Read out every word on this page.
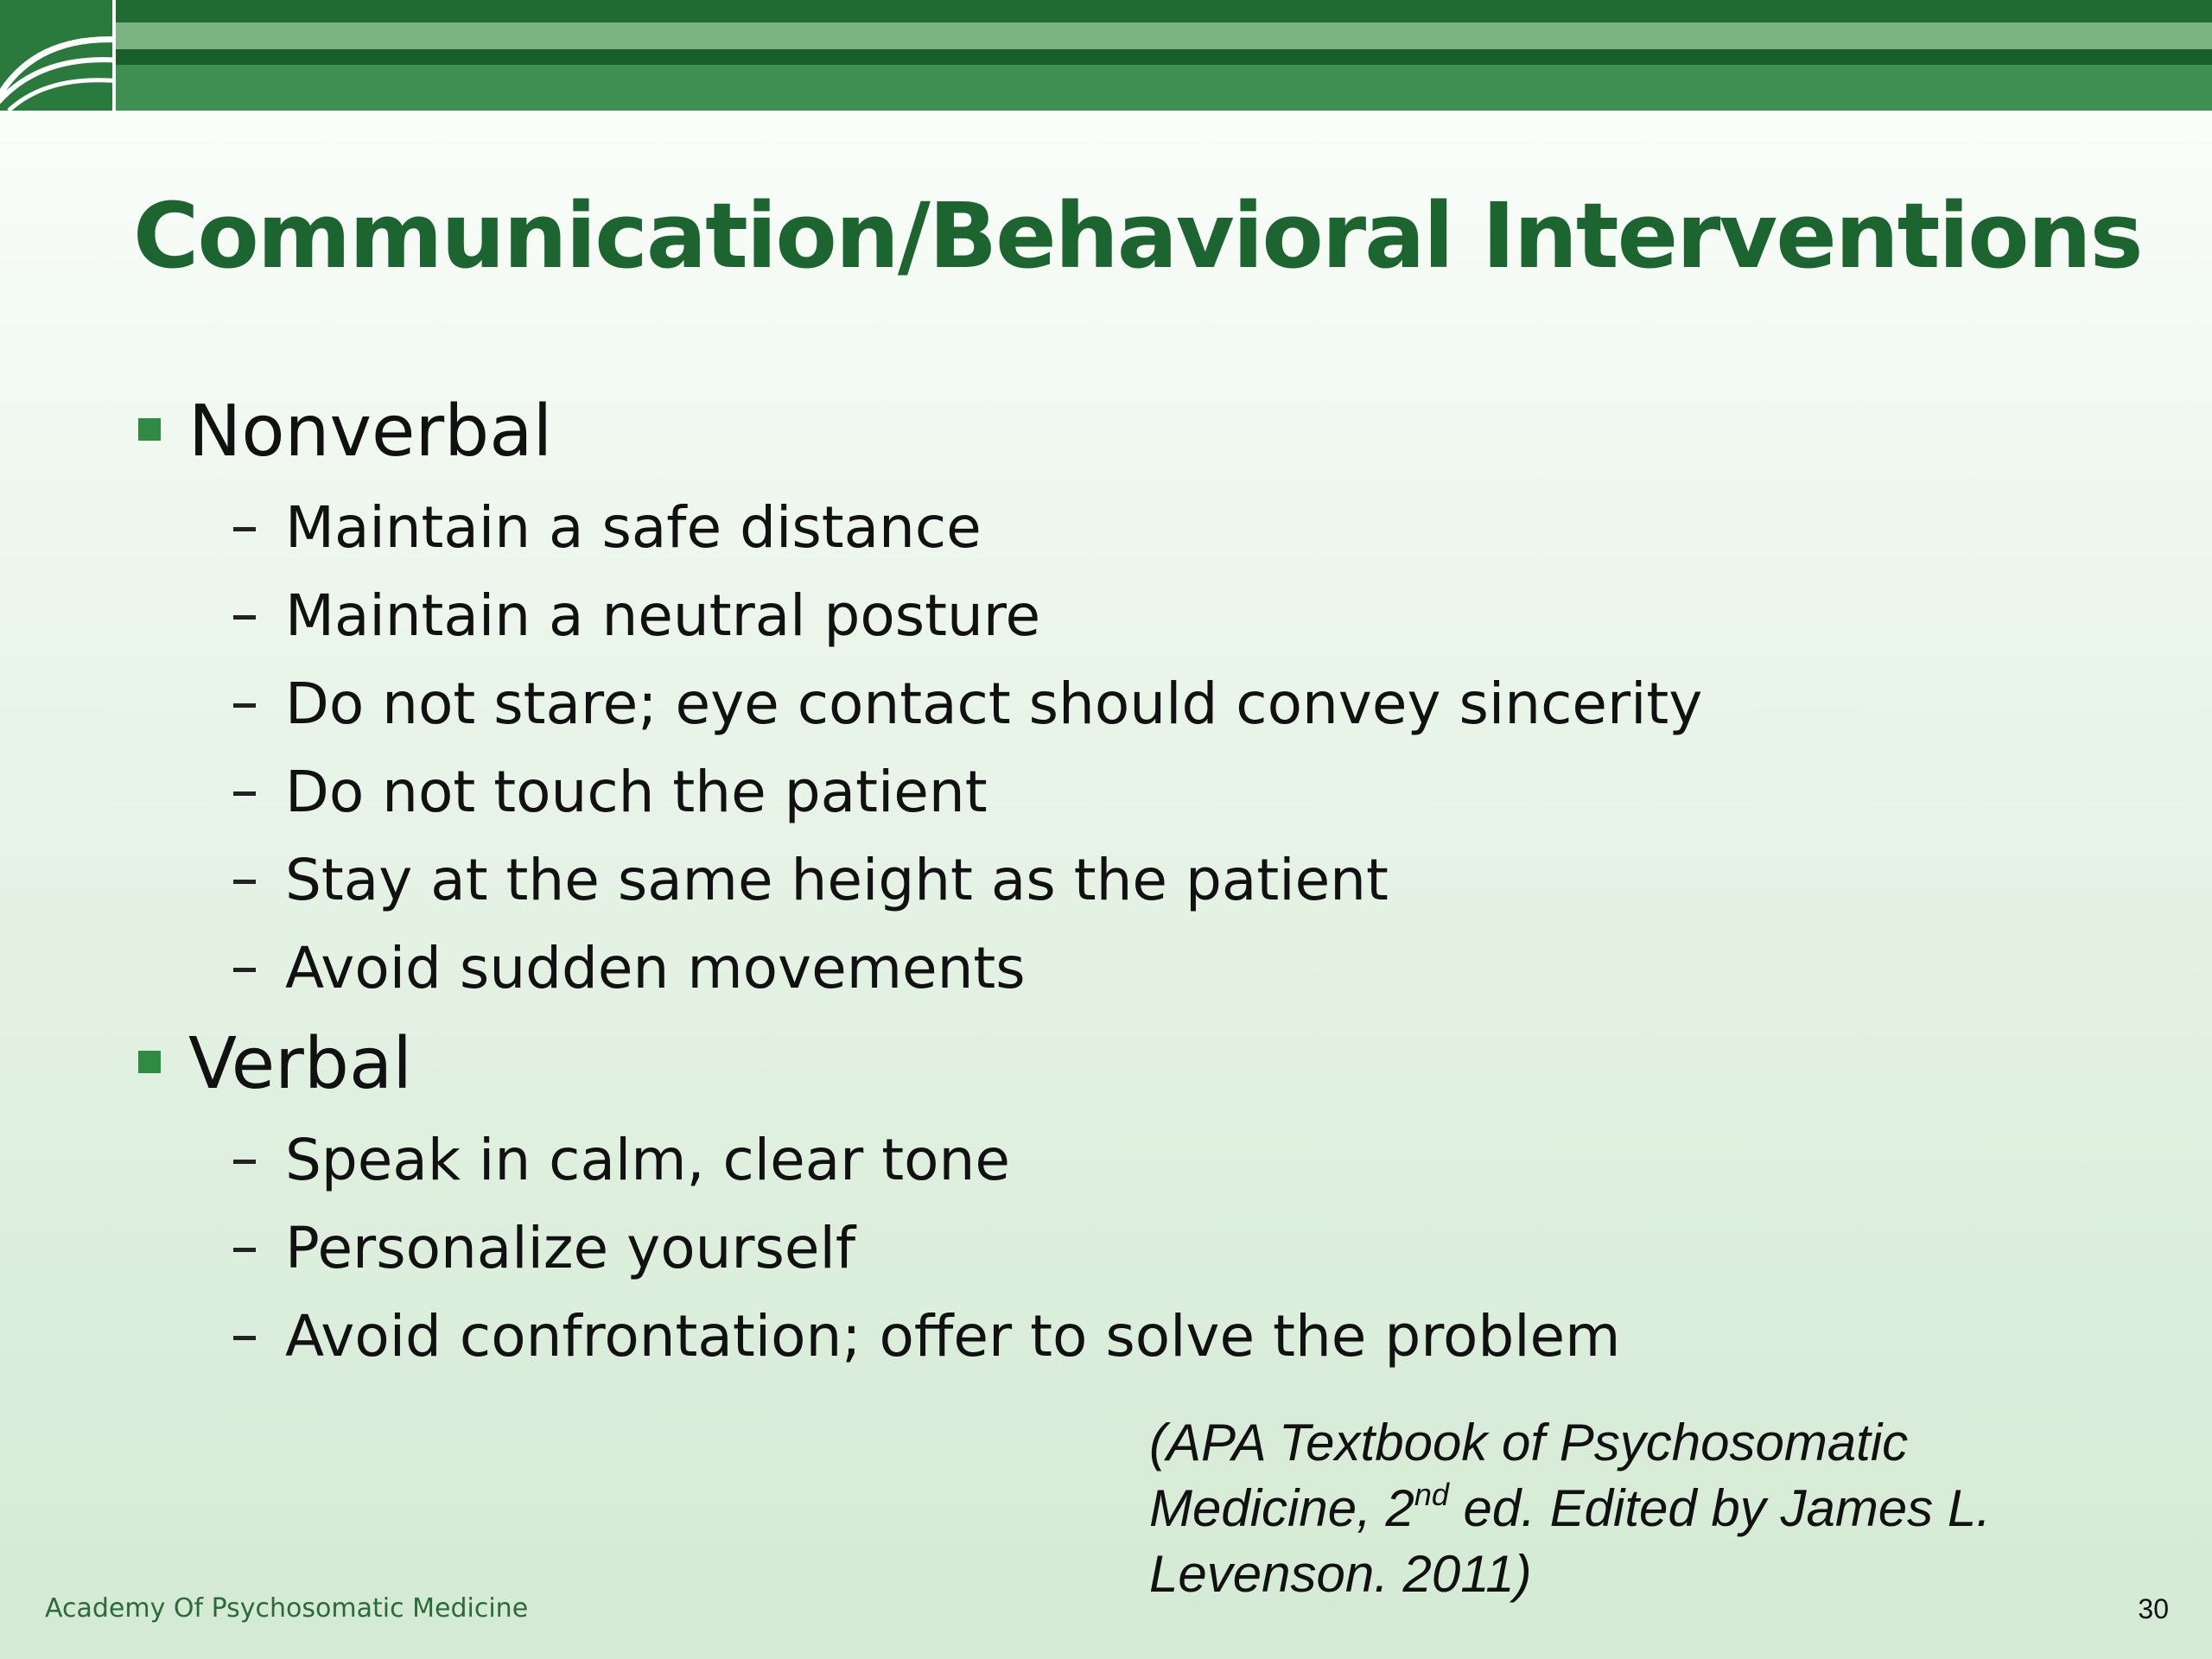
Communication/Behavioral Interventions
Nonverbal
Maintain a safe distance
Maintain a neutral posture
Do not stare; eye contact should convey sincerity
Do not touch the patient
Stay at the same height as the patient
Avoid sudden movements
Verbal
Speak in calm, clear tone
Personalize yourself
Avoid confrontation; offer to solve the problem
(APA Textbook of Psychosomatic
Medicine, 2nd ed. Edited by James L.
Levenson. 2011)
Academy Of Psychosomatic Medicine	30
